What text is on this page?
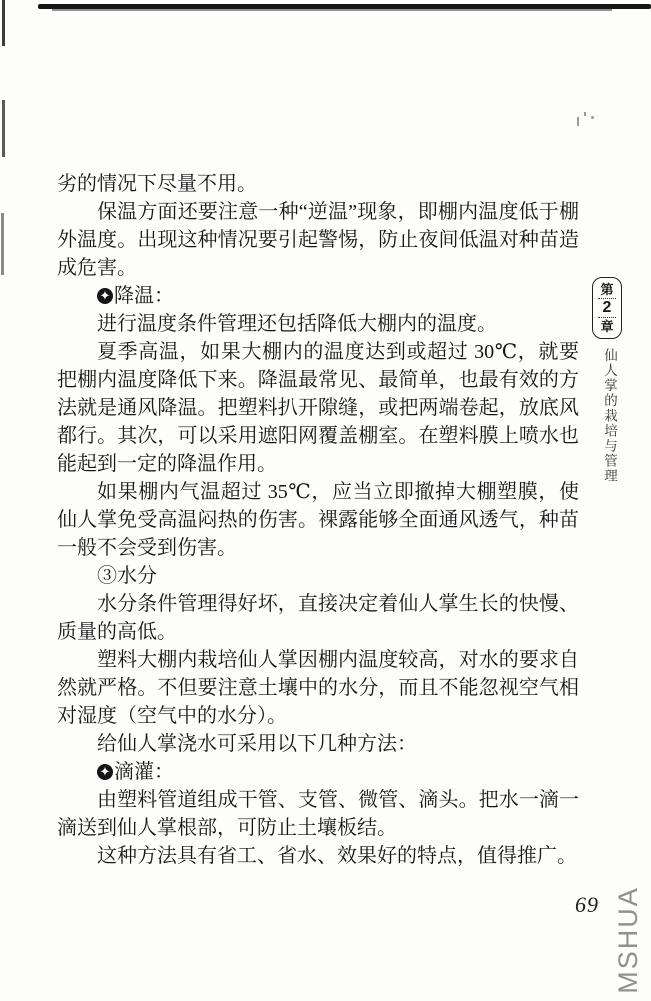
劣的情况下尽量不用。

保温方面还要注意一种“逆温”现象，即棚内温度低于棚外温度。出现这种情况要引起警惕，防止夜间低温对种苗造成危害。

✦ 降温：

进行温度条件管理还包括降低大棚内的温度。

夏季高温，如果大棚内的温度达到或超过 30℃，就要把棚内温度降低下来。降温最常见、最简单，也最有效的方法就是通风降温。把塑料扒开隙缝，或把两端卷起，放底风都行。其次，可以采用遮阳网覆盖棚室。在塑料膜上喷水也能起到一定的降温作用。

如果棚内气温超过 35℃，应当立即撤掉大棚塑膜，使仙人掌免受高温闷热的伤害。裸露能够全面通风透气，种苗一般不会受到伤害。

③水分

水分条件管理得好坏，直接决定着仙人掌生长的快慢、质量的高低。

塑料大棚内栽培仙人掌因棚内温度较高，对水的要求自然就严格。不但要注意土壤中的水分，而且不能忽视空气相对湿度（空气中的水分）。

给仙人掌浇水可采用以下几种方法：

✦ 滴灌：

由塑料管道组成干管、支管、微管、滴头。把水一滴一滴送到仙人掌根部，可防止土壤板结。

这种方法具有省工、省水、效果好的特点，值得推广。

第
2
章
仙人掌的栽培与管理
69 MSHUA
